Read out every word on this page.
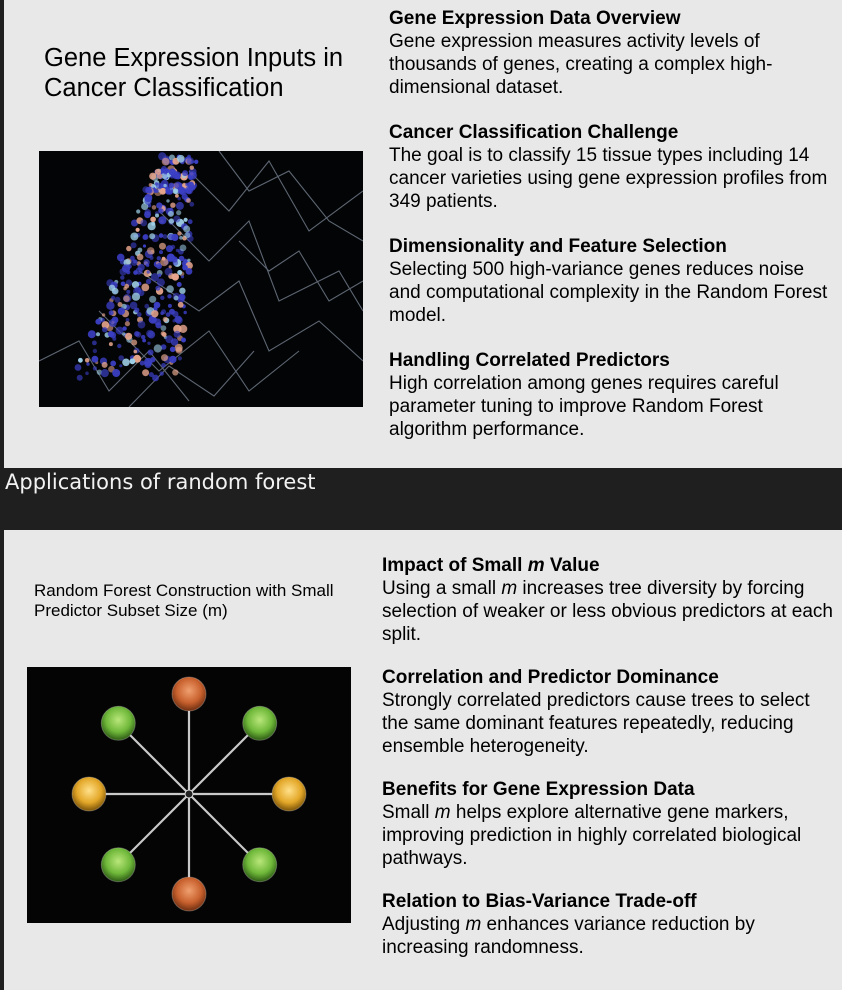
Gene Expression Inputs in Cancer Classification
Gene Expression Data Overview

Gene expression measures activity levels of thousands of genes, creating a complex high-dimensional dataset.

Cancer Classification Challenge

The goal is to classify 15 tissue types including 14 cancer varieties using gene expression profiles from 349 patients.

Dimensionality and Feature Selection

Selecting 500 high-variance genes reduces noise and computational complexity in the Random Forest model.

Handling Correlated Predictors

High correlation among genes requires careful parameter tuning to improve Random Forest algorithm performance.

Applications of random forest
Random Forest Construction with Small Predictor Subset Size (m)
Impact of Small m Value

Using a small m increases tree diversity by forcing selection of weaker or less obvious predictors at each split.

Correlation and Predictor Dominance

Strongly correlated predictors cause trees to select the same dominant features repeatedly, reducing ensemble heterogeneity.

Benefits for Gene Expression Data

Small m helps explore alternative gene markers, improving prediction in highly correlated biological pathways.

Relation to Bias-Variance Trade-off

Adjusting m enhances variance reduction by increasing randomness.
